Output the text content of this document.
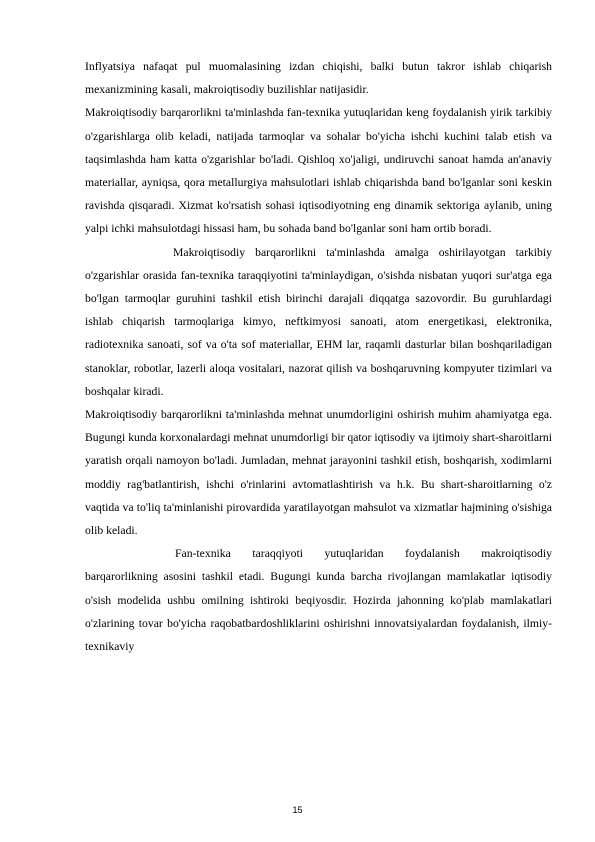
Inflyatsiya nafaqat pul muomalasining izdan chiqishi, balki butun takror ishlab chiqarish mexanizmining kasali, makroiqtisodiy buzilishlar natijasidir.

Makroiqtisodiy barqarorlikni ta'minlashda fan-texnika yutuqlaridan keng foydalanish yirik tarkibiy o'zgarishlarga olib keladi, natijada tarmoqlar va sohalar bo'yicha ishchi kuchini talab etish va taqsimlashda ham katta o'zgarishlar bo'ladi. Qishloq xo'jaligi, undiruvchi sanoat hamda an'anaviy materiallar, ayniqsa, qora metallurgiya mahsulotlari ishlab chiqarishda band bo'lganlar soni keskin ravishda qisqaradi. Xizmat ko'rsatish sohasi iqtisodiyotning eng dinamik sektoriga aylanib, uning yalpi ichki mahsulotdagi hissasi ham, bu sohada band bo'lganlar soni ham ortib boradi.

Makroiqtisodiy barqarorlikni ta'minlashda amalga oshirilayotgan tarkibiy o'zgarishlar orasida fan-texnika taraqqiyotini ta'minlaydigan, o'sishda nisbatan yuqori sur'atga ega bo'lgan tarmoqlar guruhini tashkil etish birinchi darajali diqqatga sazovordir. Bu guruhlardagi ishlab chiqarish tarmoqlariga kimyo, neftkimyosi sanoati, atom energetikasi, elektronika, radiotexnika sanoati, sof va o'ta sof materiallar, EHM lar, raqamli dasturlar bilan boshqariladigan stanoklar, robotlar, lazerli aloqa vositalari, nazorat qilish va boshqaruvning kompyuter tizimlari va boshqalar kiradi.

Makroiqtisodiy barqarorlikni ta'minlashda mehnat unumdorligini oshirish muhim ahamiyatga ega. Bugungi kunda korxonalardagi mehnat unumdorligi bir qator iqtisodiy va ijtimoiy shart-sharoitlarni yaratish orqali namoyon bo'ladi. Jumladan, mehnat jarayonini tashkil etish, boshqarish, xodimlarni moddiy rag'batlantirish, ishchi o'rinlarini avtomatlashtirish va h.k. Bu shart-sharoitlarning o'z vaqtida va to'liq ta'minlanishi pirovardida yaratilayotgan mahsulot va xizmatlar hajmining o'sishiga olib keladi.

Fan-texnika taraqqiyoti yutuqlaridan foydalanish makroiqtisodiy barqarorlikning asosini tashkil etadi. Bugungi kunda barcha rivojlangan mamlakatlar iqtisodiy o'sish modelida ushbu omilning ishtiroki beqiyosdir. Hozirda jahonning ko'plab mamlakatlari o'zlarining tovar bo'yicha raqobatbardoshliklarini oshirishni innovatsiyalardan foydalanish, ilmiy-texnikaviy

15
